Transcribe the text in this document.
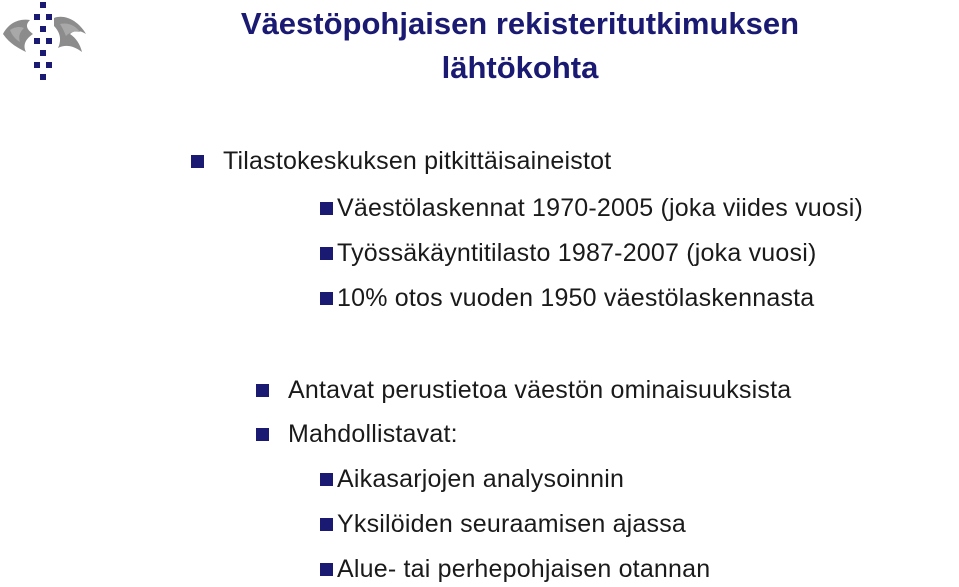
Väestöpohjaisen rekisteritutkimuksen
lähtökohta
Tilastokeskuksen pitkittäisaineistot
Väestölaskennat 1970-2005 (joka viides vuosi)
Työssäkäyntitilasto 1987-2007 (joka vuosi)
10% otos vuoden 1950 väestölaskennasta
Antavat perustietoa väestön ominaisuuksista
Mahdollistavat:
Aikasarjojen analysoinnin
Yksilöiden seuraamisen ajassa
Alue- tai perhepohjaisen otannan
